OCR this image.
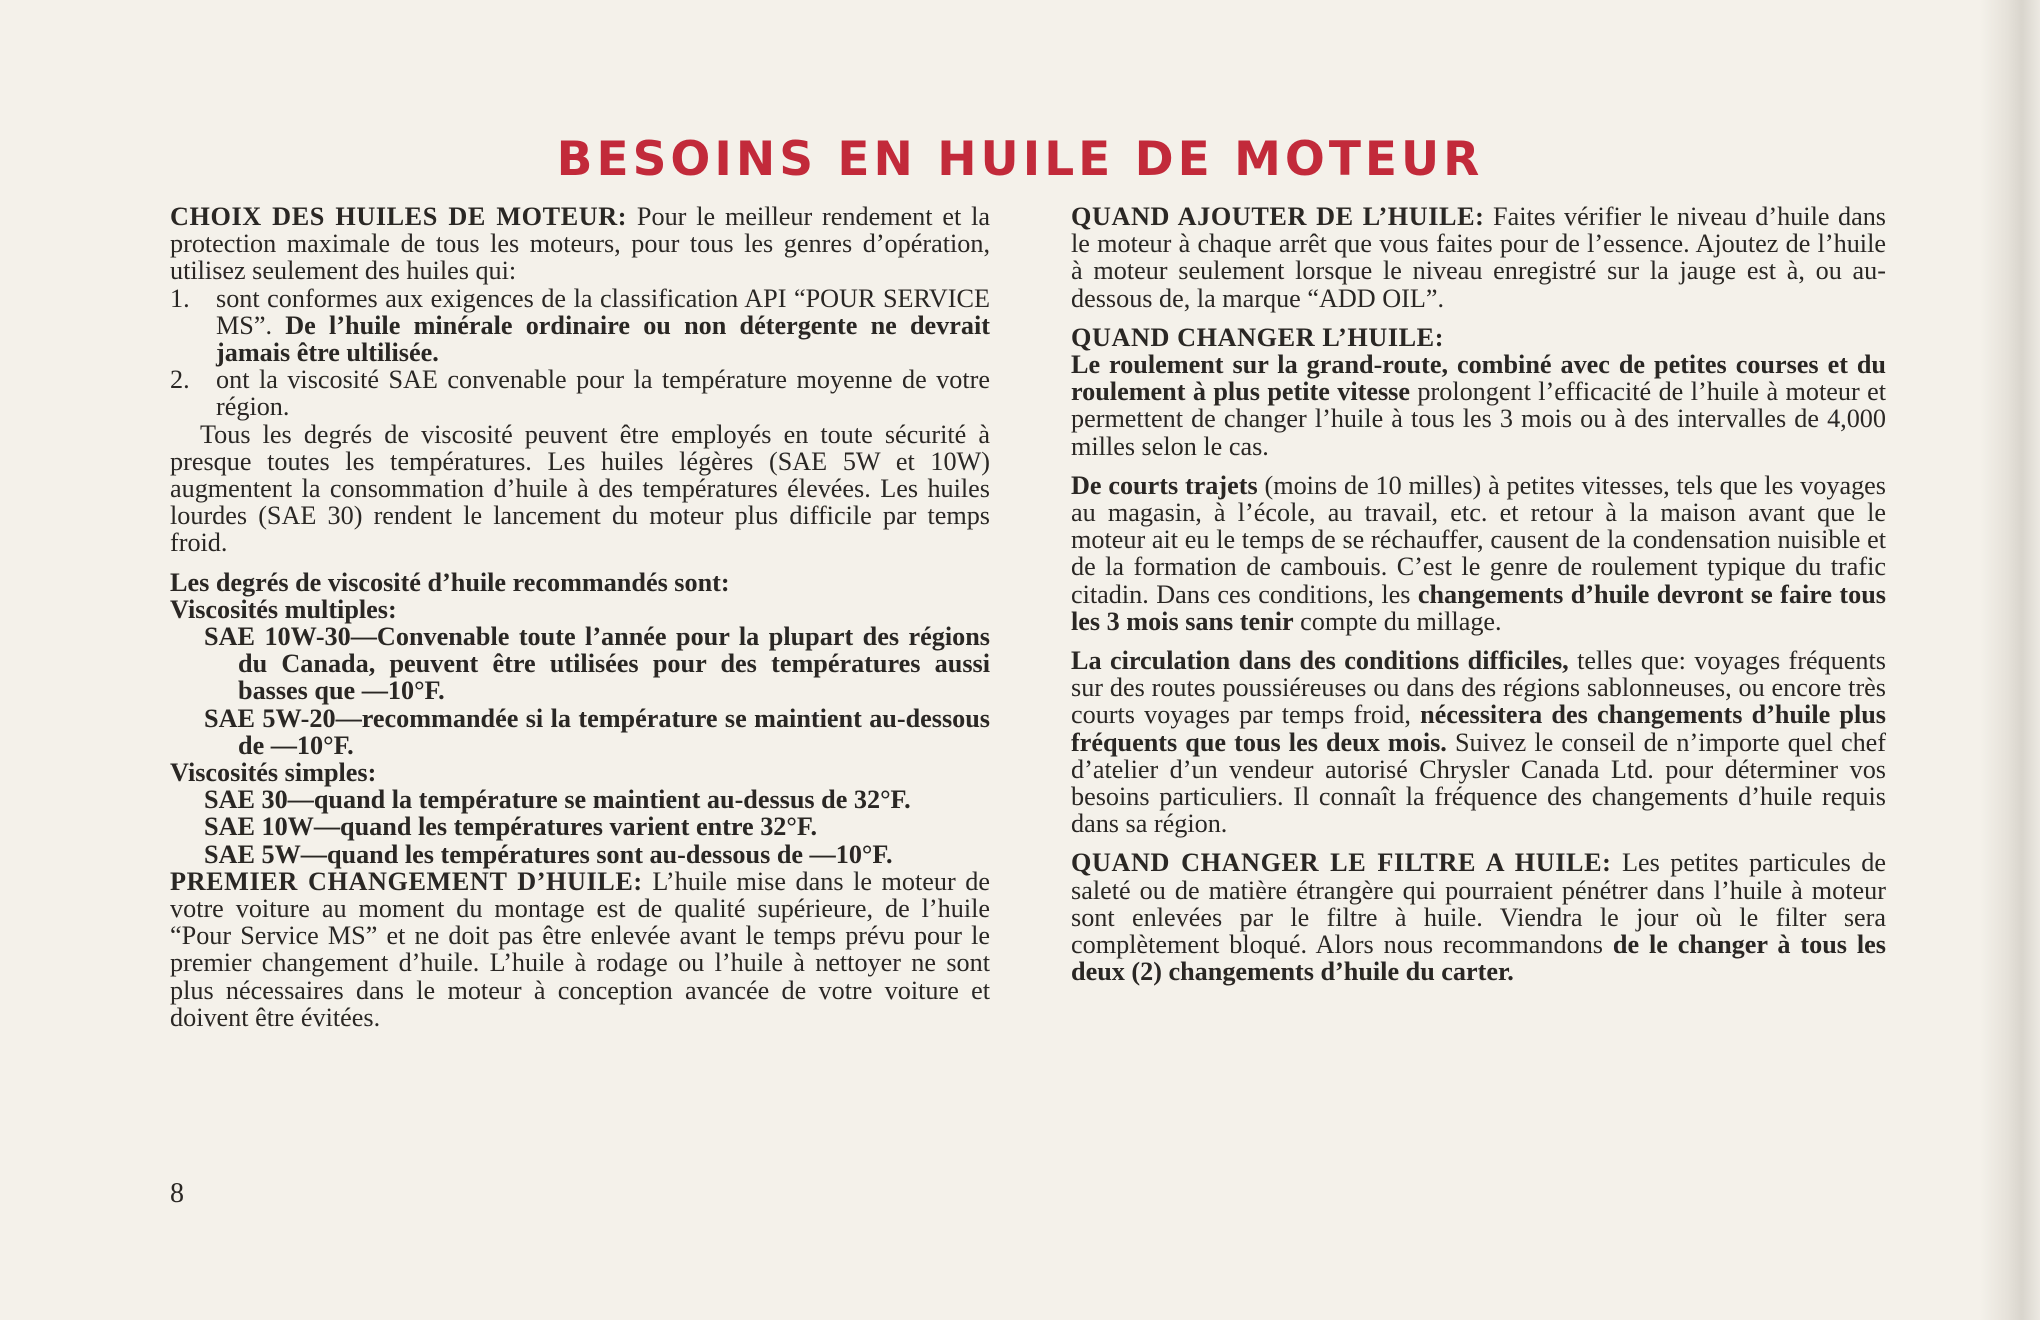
BESOINS EN HUILE DE MOTEUR

CHOIX DES HUILES DE MOTEUR: Pour le meilleur rendement et la protection maximale de tous les moteurs, pour tous les genres d’opération, utilisez seulement des huiles qui:

1.	sont conformes aux exigences de la classification API “POUR SERVICE MS”. De l’huile minérale ordinaire ou non détergente ne devrait jamais être ultilisée.
2.	ont la viscosité SAE convenable pour la température moyenne de votre région.

Tous les degrés de viscosité peuvent être employés en toute sécurité à presque toutes les températures. Les huiles légères (SAE 5W et 10W) augmentent la consommation d’huile à des températures élevées. Les huiles lourdes (SAE 30) rendent le lancement du moteur plus difficile par temps froid.

Les degrés de viscosité d’huile recommandés sont:

Viscosités multiples:

SAE 10W-30—Convenable toute l’année pour la plupart des régions du Canada, peuvent être utilisées pour des températures aussi basses que —10°F.

SAE 5W-20—recommandée si la température se maintient au-dessous de —10°F.

Viscosités simples:

SAE 30—quand la température se maintient au-dessus de 32°F.

SAE 10W—quand les températures varient entre 32°F.

SAE 5W—quand les températures sont au-dessous de —10°F.

PREMIER CHANGEMENT D’HUILE: L’huile mise dans le moteur de votre voiture au moment du montage est de qualité supérieure, de l’huile “Pour Service MS” et ne doit pas être enlevée avant le temps prévu pour le premier changement d’huile. L’huile à rodage ou l’huile à nettoyer ne sont plus nécessaires dans le moteur à conception avancée de votre voiture et doivent être évitées.

QUAND AJOUTER DE L’HUILE: Faites vérifier le niveau d’huile dans le moteur à chaque arrêt que vous faites pour de l’essence. Ajoutez de l’huile à moteur seulement lorsque le niveau enregistré sur la jauge est à, ou au-dessous de, la marque “ADD OIL”.

QUAND CHANGER L’HUILE:

Le roulement sur la grand-route, combiné avec de petites courses et du roulement à plus petite vitesse prolongent l’efficacité de l’huile à moteur et permettent de changer l’huile à tous les 3 mois ou à des intervalles de 4,000 milles selon le cas.

De courts trajets (moins de 10 milles) à petites vitesses, tels que les voyages au magasin, à l’école, au travail, etc. et retour à la maison avant que le moteur ait eu le temps de se réchauffer, causent de la condensation nuisible et de la formation de cambouis. C’est le genre de roulement typique du trafic citadin. Dans ces conditions, les changements d’huile devront se faire tous les 3 mois sans tenir compte du millage.

La circulation dans des conditions difficiles, telles que: voyages fréquents sur des routes poussiéreuses ou dans des régions sablonneuses, ou encore très courts voyages par temps froid, nécessitera des changements d’huile plus fréquents que tous les deux mois. Suivez le conseil de n’importe quel chef d’atelier d’un vendeur autorisé Chrysler Canada Ltd. pour déterminer vos besoins particuliers. Il connaît la fréquence des changements d’huile requis dans sa région.

QUAND CHANGER LE FILTRE A HUILE: Les petites particules de saleté ou de matière étrangère qui pourraient pénétrer dans l’huile à moteur sont enlevées par le filtre à huile. Viendra le jour où le filter sera complètement bloqué. Alors nous recommandons de le changer à tous les deux (2) changements d’huile du carter.

8
